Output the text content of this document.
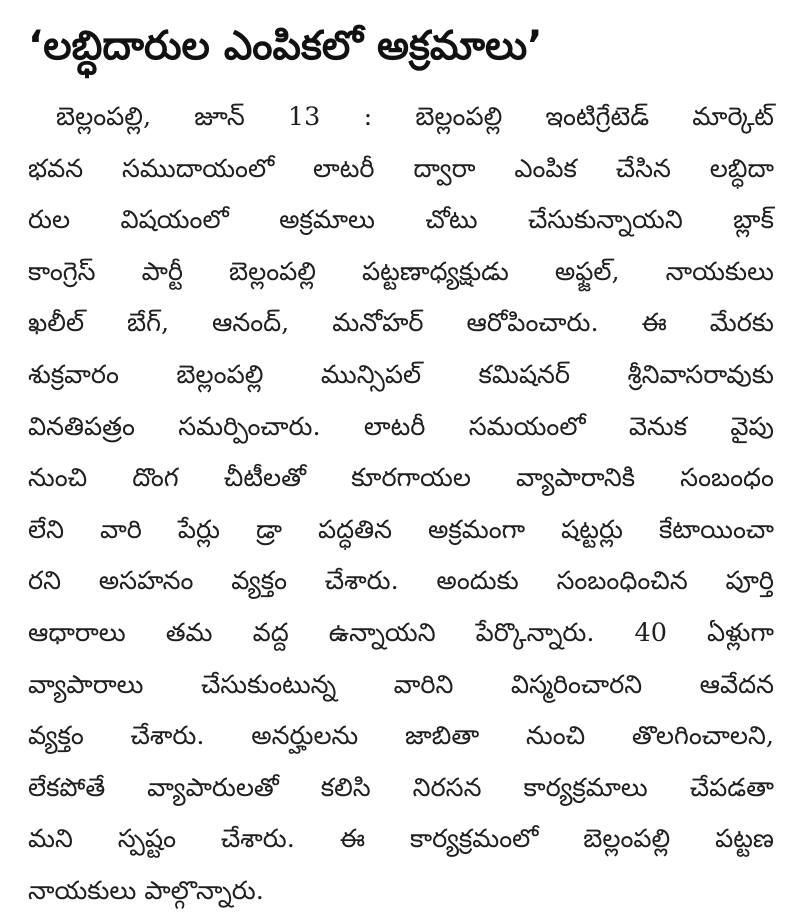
‘లబ్ధిదారుల ఎంపికలో అక్రమాలు’
బెల్లంపల్లి, జూన్ 13 : బెల్లంపల్లి ఇంటిగ్రేటెడ్ మార్కెట్
భవన సముదాయంలో లాటరీ ద్వారా ఎంపిక చేసిన లబ్ధిదా
రుల విషయంలో అక్రమాలు చోటు చేసుకున్నాయని బ్లాక్
కాంగ్రెస్ పార్టీ బెల్లంపల్లి పట్టణాధ్యక్షుడు అఫ్జల్, నాయకులు
ఖలీల్ బేగ్, ఆనంద్, మనోహర్ ఆరోపించారు. ఈ మేరకు
శుక్రవారం బెల్లంపల్లి మున్సిపల్ కమిషనర్ శ్రీనివాసరావుకు
వినతిపత్రం సమర్పించారు. లాటరీ సమయంలో వెనుక వైపు
నుంచి దొంగ చీటీలతో కూరగాయల వ్యాపారానికి సంబంధం
లేని వారి పేర్లు డ్రా పద్ధతిన అక్రమంగా షట్టర్లు కేటాయించా
రని అసహనం వ్యక్తం చేశారు. అందుకు సంబంధించిన పూర్తి
ఆధారాలు తమ వద్ద ఉన్నాయని పేర్కొన్నారు. 40 ఏళ్లుగా
వ్యాపారాలు చేసుకుంటున్న వారిని విస్మరించారని ఆవేదన
వ్యక్తం చేశారు. అనర్హులను జాబితా నుంచి తొలగించాలని,
లేకపోతే వ్యాపారులతో కలిసి నిరసన కార్యక్రమాలు చేపడతా
మని స్పష్టం చేశారు. ఈ కార్యక్రమంలో బెల్లంపల్లి పట్టణ
నాయకులు పాల్గొన్నారు.
